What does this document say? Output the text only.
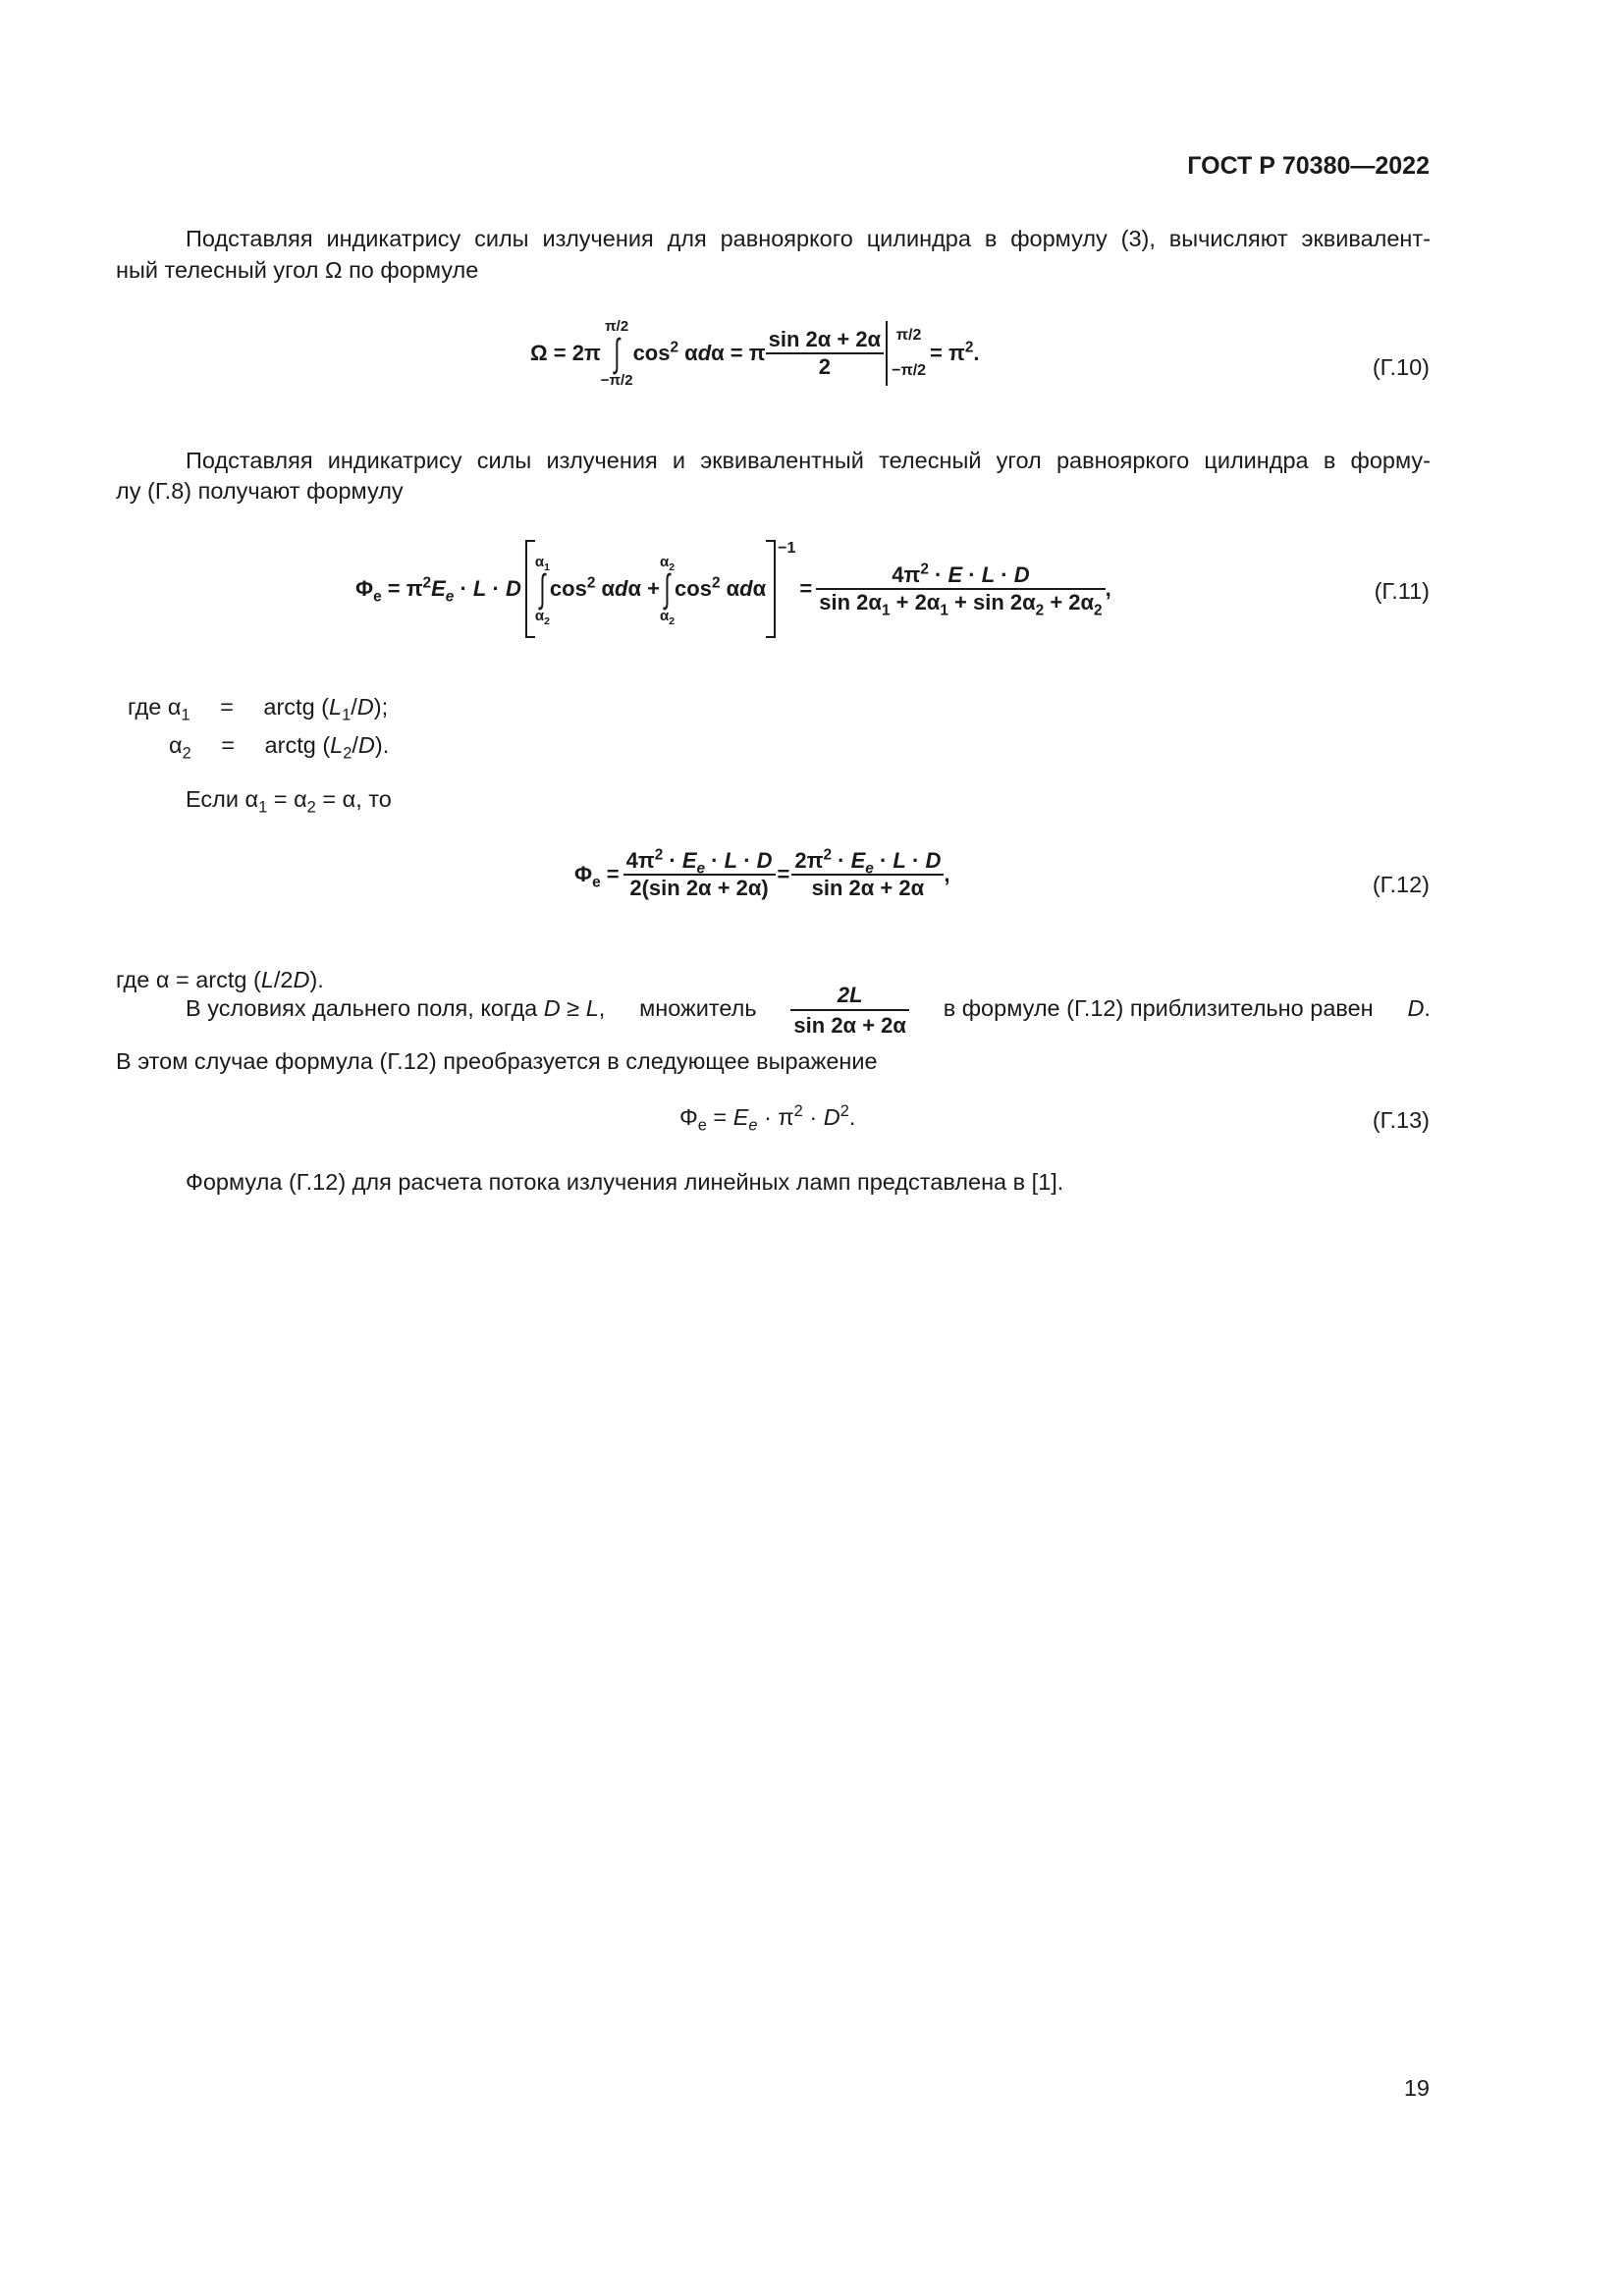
ГОСТ Р 70380—2022
Подставляя индикатрису силы излучения для равнояркого цилиндра в формулу (3), вычисляют эквивалент-
ный телесный угол Ω по формуле
Ω = 2π
π/2
∫
−π/2
$\cos^2 \alpha d\alpha = \pi \frac{\sin 2\alpha + 2\alpha}{2} \pi/2$
−π/2
= $\pi^2$.
(Г.10)
Подставляя индикатрису силы излучения и эквивалентный телесный угол равнояркого цилиндра в форму-
лу (Г.8) получают формулу
$\Phi_e = \pi^2E_e \cdot L \cdot D$
$\alpha_1$
∫
$\alpha_2$
$\cos^2 \alpha d\alpha$ +
$\alpha_2$
∫
$\alpha_2$
$\cos^2 \alpha d\alpha$
−1
= $\frac{4\pi^2 \cdot E \cdot L \cdot D}{\sin 2\alpha_1 + 2\alpha_1 + \sin 2\alpha_2 + 2\alpha_2}$ ,	(Г.11)
где $\alpha_1$ = arctg $(L_1/D)$;
$\alpha_2$ = arctg $(L_2/D)$.
Если $\alpha_1 = \alpha_2 = \alpha$, то
$\Phi_e = \frac{4\pi^2 \cdot E_e \cdot L \cdot D}{2(\sin 2\alpha + 2\alpha)} = \frac{2\pi^2 \cdot E_e \cdot L \cdot D}{\sin 2\alpha + 2\alpha}$ ,	(Г.12)
где α = arctg (L/2D).
В условиях дальнего поля, когда D ≥ L, множитель $\frac{2L}{\sin 2\alpha + 2\alpha}$ в формуле (Г.12) приблизительно равен D.
В этом случае формула (Г.12) преобразуется в следующее выражение
$\Phi_e = E_e \cdot \pi^2 \cdot D^2$.	(Г.13)
Формула (Г.12) для расчета потока излучения линейных ламп представлена в [1].
19
